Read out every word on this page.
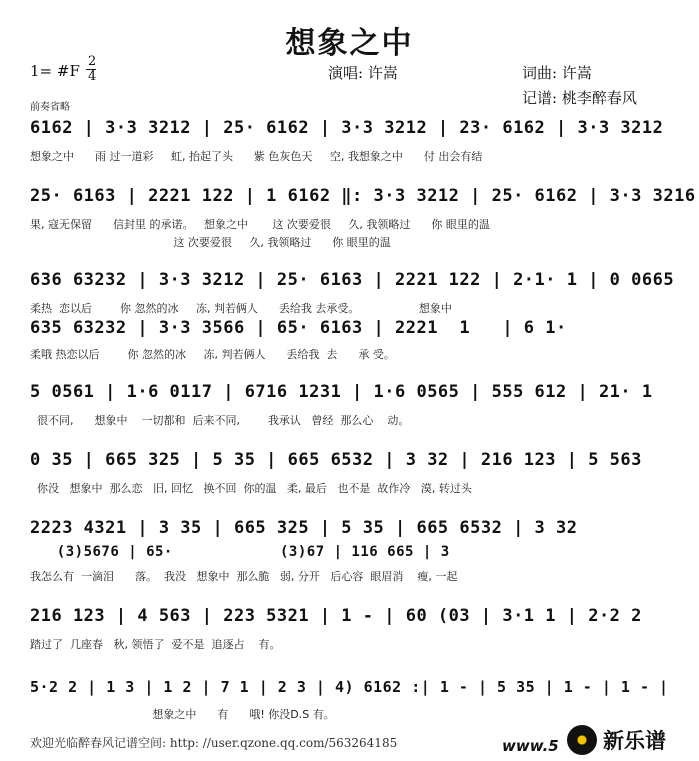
想象之中
1= #F
2
4	演唱: 许嵩	词曲: 许嵩
记谱: 桃李醉春风
前奏省略
6162 | 3·3 3212 | 25· 6162 | 3·3 3212 | 23· 6162 | 3·3 3212
想象之中      雨 过一道彩     虹, 抬起了头      紫 色灰色天     空, 我想象之中      付 出会有结
25· 6163 | 2221 122 | 1 6162 ‖: 3·3 3212 | 25· 6162 | 3·3 3216
果, 寇无保留      信封里 的承诺。   想象之中       这 次要爱很     久, 我领略过      你 眼里的温
这 次要爱很     久, 我领略过      你 眼里的温
636 63232 | 3·3 3212 | 25· 6163 | 2221 122 | 2·1· 1 | 0 0665
柔热  恋以后        你 忽然的冰     冻, 判若俩人      丢给我 去承受。                 想象中
635 63232 | 3·3 3566 | 65· 6163 | 2221  1   | 6 1·
柔哦 热恋以后        你 忽然的冰     冻, 判若俩人      丢给我  去      承 受。
5 0561 | 1·6 0117 | 6716 1231 | 1·6 0565 | 555 612 | 21· 1
很不同,      想象中    一切都和  后来不同,        我承认   曾经  那么心    动。
0 35 | 665 325 | 5 35 | 665 6532 | 3 32 | 216 123 | 5 563
你没   想象中  那么恋   旧, 回忆   换不回  你的温   柔, 最后   也不是  故作冷   漠, 转过头
2223 4321 | 3 35 | 665 325 | 5 35 | 665 6532 | 3 32
(3)5676 | 65·            (3)67 | 116 665 | 3
我怎么有  一滴泪      落。  我没   想象中  那么脆   弱, 分开   后心容  眼眉消    瘦, 一起
216 123 | 4 563 | 223 5321 | 1 - | 60 (03 | 3·1 1 | 2·2 2
踏过了  几座春   秋, 领悟了  爱不是  追逐占    有。
5·2 2 | 1 3 | 1 2 | 7 1 | 2 3 | 4) 6162 :| 1 - | 5 35 | 1 - | 1 - |
想象之中      有      哦! 你没D.S 有。
欢迎光临醉春风记谱空间: http: //user.qzone.qq.com/563264185	www.5 新乐谱
